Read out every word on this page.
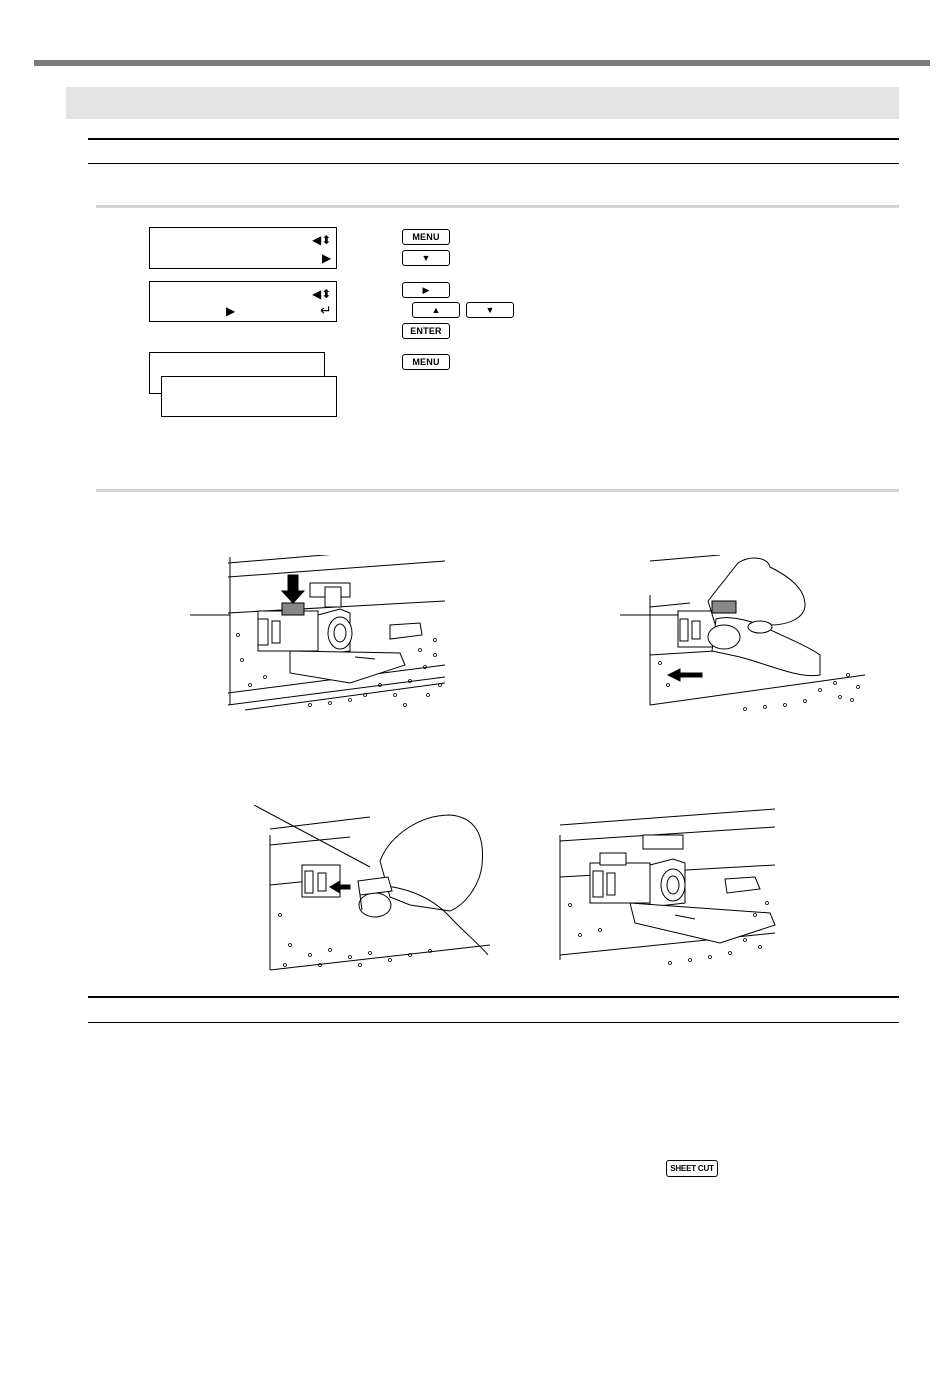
◀⬍
▶
◀⬍
▶	↵
MENU
▼
▶
▲	▼
ENTER
MENU
SHEET CUT
